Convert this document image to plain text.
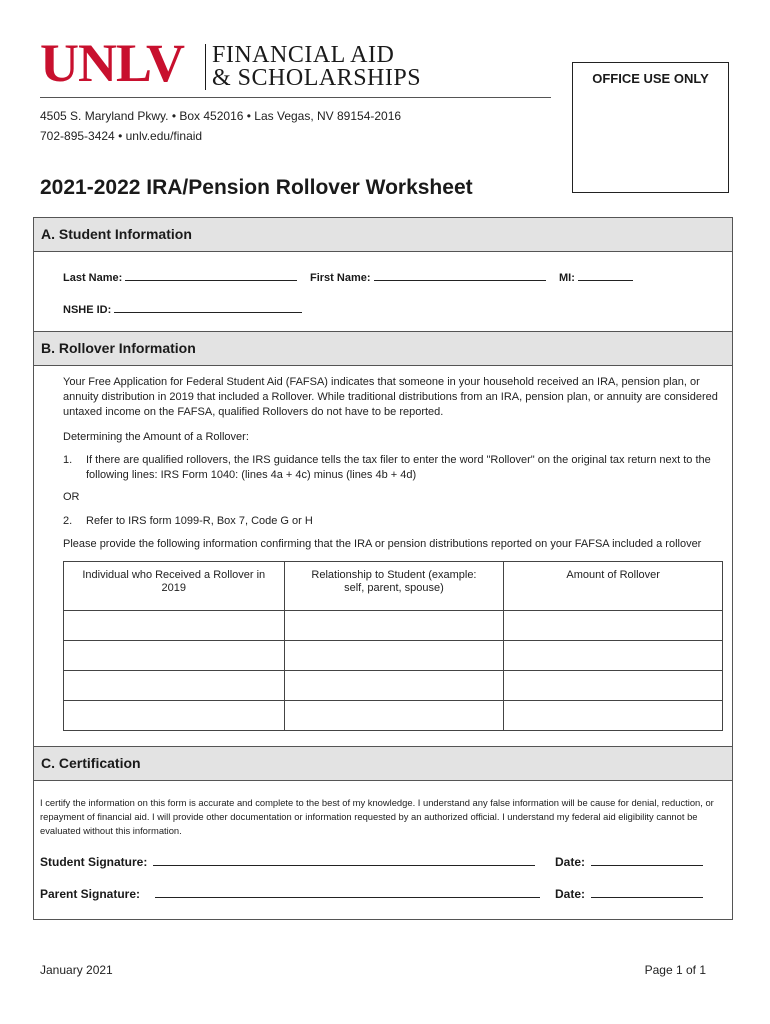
UNLV FINANCIAL AID
& SCHOLARSHIPS
4505 S. Maryland Pkwy. • Box 452016 • Las Vegas, NV 89154-2016
702-895-3424 • unlv.edu/finaid
OFFICE USE ONLY
2021-2022 IRA/Pension Rollover Worksheet
A. Student Information
Last Name:	First Name:	MI:
NSHE ID:
B. Rollover Information
Your Free Application for Federal Student Aid (FAFSA) indicates that someone in your household received an IRA, pension plan, or annuity distribution in 2019 that included a Rollover. While traditional distributions from an IRA, pension plan, or annuity are considered untaxed income on the FAFSA, qualified Rollovers do not have to be reported.
Determining the Amount of a Rollover:
1. If there are qualified rollovers, the IRS guidance tells the tax filer to enter the word "Rollover" on the original tax return next to the following lines: IRS Form 1040: (lines 4a + 4c) minus (lines 4b + 4d)
OR
2. Refer to IRS form 1099-R, Box 7, Code G or H
Please provide the following information confirming that the IRA or pension distributions reported on your FAFSA included a rollover
Individual who Received a Rollover in 2019	Relationship to Student (example: self, parent, spouse)	Amount of Rollover

C. Certification
I certify the information on this form is accurate and complete to the best of my knowledge. I understand any false information will be cause for denial, reduction, or repayment of financial aid. I will provide other documentation or information requested by an authorized official. I understand my federal aid eligibility cannot be evaluated without this information.
Student Signature:	Date:
Parent Signature:	Date:
January 2021	Page 1 of 1
